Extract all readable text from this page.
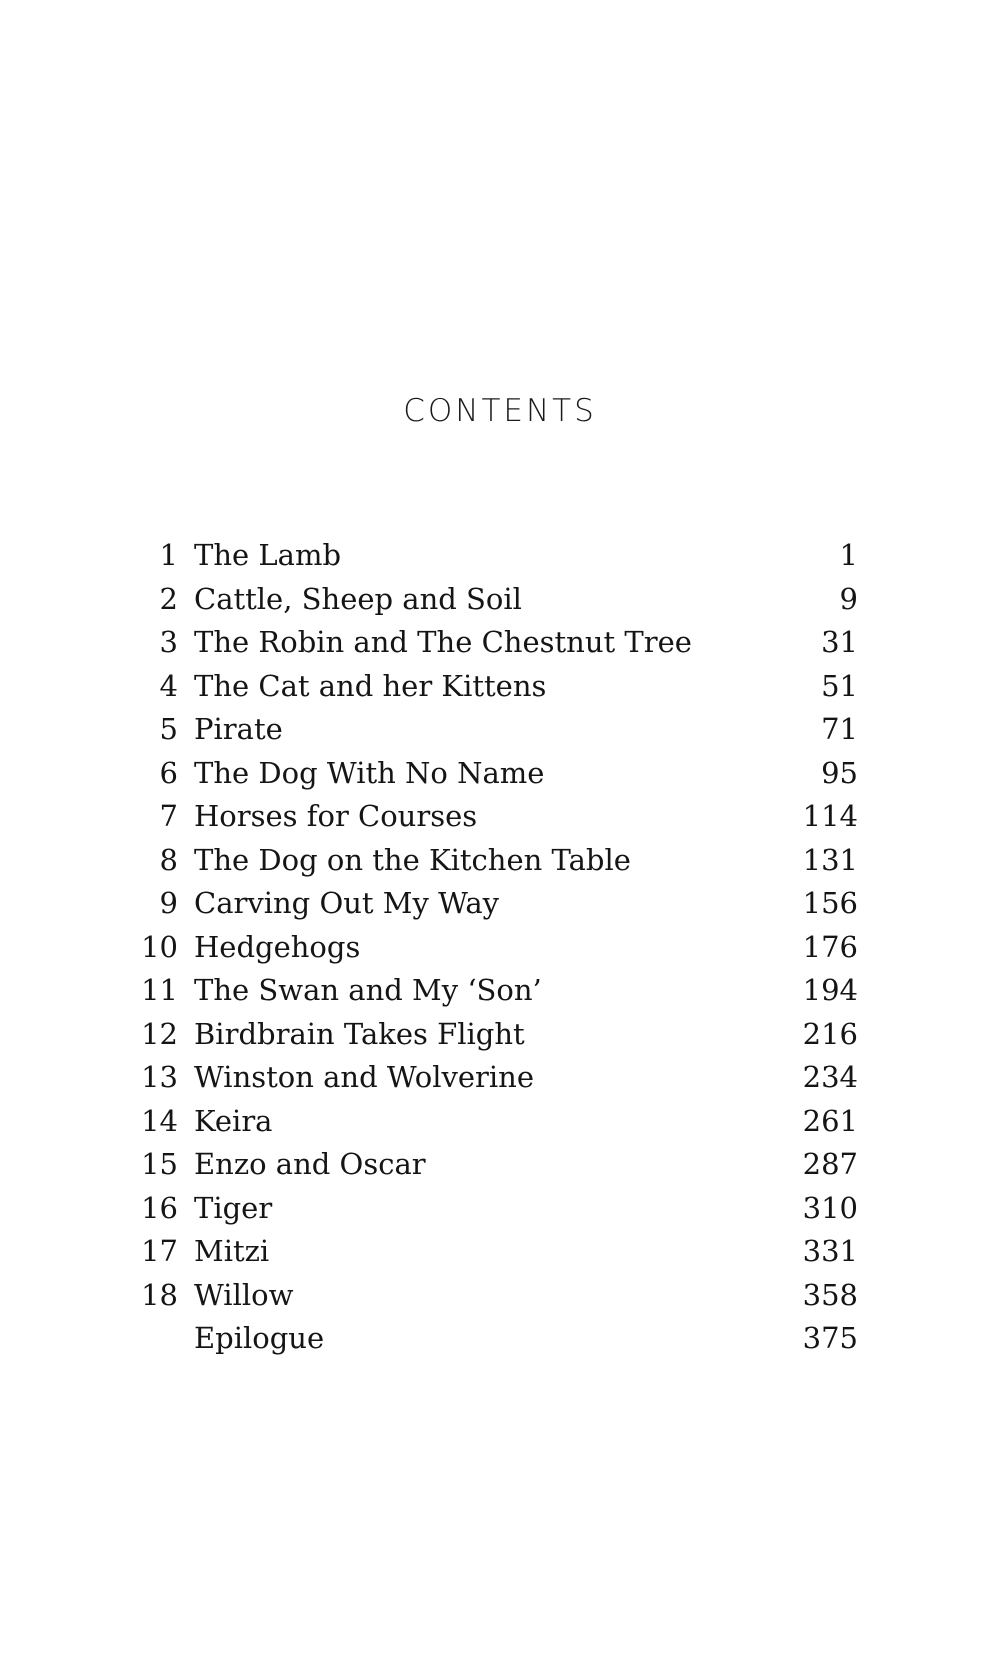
CONTENTS
1 The Lamb	1
2 Cattle, Sheep and Soil	9
3 The Robin and The Chestnut Tree	31
4 The Cat and her Kittens	51
5 Pirate	71
6 The Dog With No Name	95
7 Horses for Courses	114
8 The Dog on the Kitchen Table	131
9 Carving Out My Way	156
10 Hedgehogs	176
11 The Swan and My ‘Son’	194
12 Birdbrain Takes Flight	216
13 Winston and Wolverine	234
14 Keira	261
15 Enzo and Oscar	287
16 Tiger	310
17 Mitzi	331
18 Willow	358
Epilogue	375
